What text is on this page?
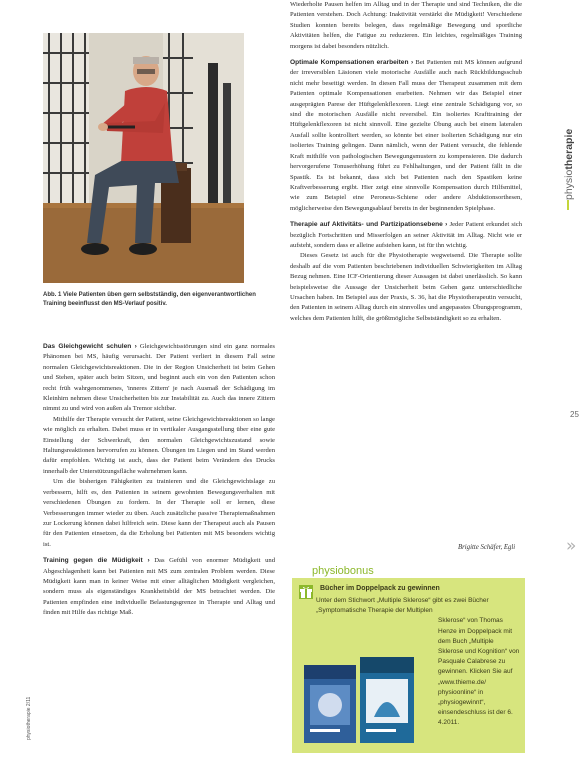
Abb. 1 Viele Patienten üben gern selbstständig, den eigenverantwortlichen Training beeinflusst den MS-Verlauf positiv.

Das Gleichgewicht schulen › Gleichgewichtsstörungen sind ein ganz normales Phänomen bei MS, häufig verursacht. Der Patient verliert in diesem Fall seine normalen Gleichgewichtsreaktionen. Die in der Region Unsicherheit ist beim Gehen und Stehen, später auch beim Sitzen, und beginnt auch ein von den Patienten schon recht früh wahrgenommenes, 'inneres Zittern' je nach Ausmaß der Schädigung im Kleinhirn nehmen diese Unsicherheiten bis zur Instabilität zu. Auch das innere Zittern nimmt zu und wird von außen als Tremor sichtbar.

Mithilfe der Therapie versucht der Patient, seine Gleichgewichtsreaktionen so lange wie möglich zu erhalten. Dabei muss er in vertikaler Ausgangsstellung über eine gute Einstellung der Schwerkraft, den normalen Gleichgewichtszustand sowie Haltungsreaktionen hervorrufen zu können. Übungen im Liegen und im Stand werden dafür empfohlen. Wichtig ist auch, dass der Patient beim Verändern des Drucks innerhalb der Unterstützungsfläche wahrnehmen kann.

Um die bisherigen Fähigkeiten zu trainieren und die Gleichgewichtslage zu verbessern, hilft es, den Patienten in seinem gewohnten Bewegungsverhalten mit verschiedenen Übungen zu fordern. In der Therapie soll er lernen, diese Verbesserungen immer wieder zu üben. Auch zusätzliche passive Therapiemaßnahmen zur Lockerung können dabei hilfreich sein. Diese kann der Therapeut auch als Pausen für den Patienten einsetzen, da die Erholung bei Patienten mit MS besonders wichtig ist.

Training gegen die Müdigkeit › Das Gefühl von enormer Müdigkeit und Abgeschlagenheit kann bei Patienten mit MS zum zentralen Problem werden. Diese Müdigkeit kann man in keiner Weise mit einer alltäglichen Müdigkeit vergleichen, sondern muss als eigenständiges Krankheitsbild der MS betrachtet werden. Die Patienten empfinden eine individuelle Belastungsgrenze in Therapie und Alltag und finden mit Hilfe das richtige Maß.

Wiederholte Pausen helfen im Alltag und in der Therapie und sind Techniken, die die Patienten verstehen. Doch Achtung: Inaktivität verstärkt die Müdigkeit! Verschiedene Studien konnten bereits belegen, dass regelmäßige Bewegung und sportliche Aktivitäten helfen, die Fatigue zu reduzieren. Ein leichtes, regelmäßiges Training morgens ist dabei besonders nützlich.

Optimale Kompensationen erarbeiten › Bei Patienten mit MS können aufgrund der irreversiblen Läsionen viele motorische Ausfälle auch nach Rückbildungsschub nicht mehr beseitigt werden. In diesen Fall muss der Therapeut zusammen mit dem Patienten optimale Kompensationen erarbeiten. Nehmen wir das Beispiel einer ausgeprägten Parese der Hüftgelenkflexoren. Liegt eine zentrale Schädigung vor, so sind die motorischen Ausfälle nicht reversibel. Ein isoliertes Krafttraining der Hüftgelenkflexoren ist nicht sinnvoll. Eine gezielte Übung auch bei einem lateralen Ausfall sollte kontrolliert werden, so könnte bei einer isolierten Schädigung nur ein isoliertes Training gelingen. Dann nämlich, wenn der Patient versucht, die fehlende Kraft mithilfe von pathologischen Bewegungsmustern zu kompensieren. Die dadurch hervorgerufene Tonuserhöhung führt zu Fehlhaltungen, und der Patient fällt in die Spastik. Es ist bekannt, dass sich bei Patienten nach den Spastiken keine Kraftverbesserung ergibt. Hier zeigt eine sinnvolle Kompensation durch Hilfsmittel, wie zum Beispiel eine Peroneus-Schiene oder andere Abduktionsorthesen, möglicherweise den Bewegungsablauf bereits in der beginnenden Spielphase.

Therapie auf Aktivitäts- und Partizipationsebene › Jeder Patient erkundet sich bezüglich Fortschritten und Misserfolgen an seiner Aktivität im Alltag. Nicht wie er aufsteht, sondern dass er alleine aufstehen kann, ist für ihn wichtig.

Dieses Gesetz ist auch für die Physiotherapie wegweisend. Die Therapie sollte deshalb auf die vom Patienten beschriebenen individuellen Schwierigkeiten im Alltag Bezug nehmen. Eine ICF-Orientierung dieser Aussagen ist dabei unerlässlich. So kann beispielsweise die Aussage der Unsicherheit beim Gehen ganz unterschiedliche Ursachen haben. Im Beispiel aus der Praxis, S. 36, hat die Physiotherapeutin versucht, den Patienten in seinem Alltag durch ein sinnvolles und angepasstes Übungsprogramm, welches dem Patienten hilft, die größtmögliche Selbstständigkeit so zu erhalten.

Brigitte Schäfer, Egli
physiotherapie
25
»
physiotherapie 2/11
physiobonus
Bücher im Doppelpack zu gewinnen
Unter dem Stichwort „Multiple Sklerose“ gibt es zwei Bücher „Symptomatische Therapie der Multiplen
Sklerose“ von Thomas Henze im Doppelpack mit dem Buch „Multiple Sklerose und Kognition“ von Pasquale Calabrese zu gewinnen. Klicken Sie auf „www.thieme.de/ physioonline“ in „physiogewinnt“, einsendeschluss ist der 6. 4.2011.
